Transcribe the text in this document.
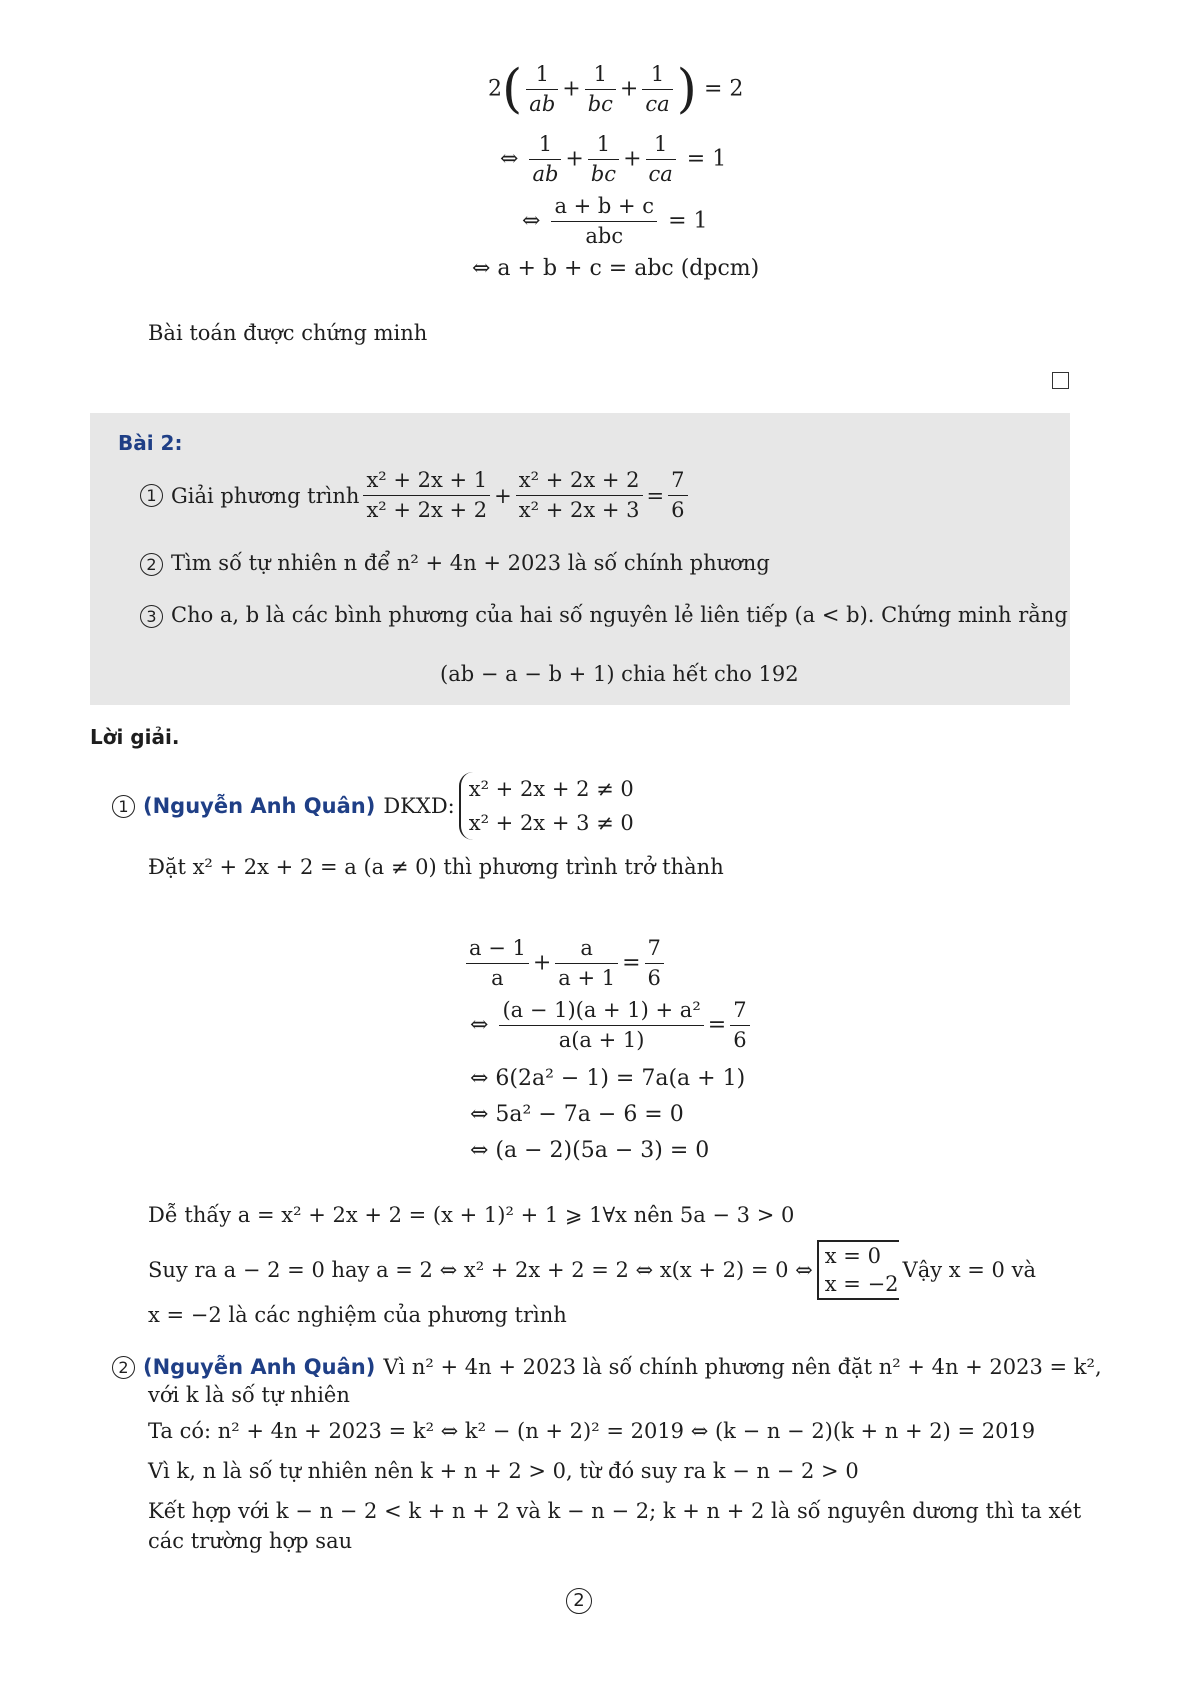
$2( \frac{1}{ab} + \frac{1}{bc} + \frac{1}{ca}$ ) = 2
⇔ $\frac{1}{ab} + \frac{1}{bc} + \frac{1}{ca} = 1$
⇔ $\frac{a + b + c}{\text{abc}} = 1$
⇔ a + b + c = abc (dpcm)
Bài toán được chứng minh
Bài 2:
1 Giải phương trình $\frac{\text{x² + 2x + 1}}{\text{x² + 2x + 2}} + \frac{\text{x² + 2x + 2}}{\text{x² + 2x + 3}} = \frac{7}{6}$
2 Tìm số tự nhiên n để n² + 4n + 2023 là số chính phương
3 Cho a, b là các bình phương của hai số nguyên lẻ liên tiếp (a < b). Chứng minh rằng
(ab − a − b + 1) chia hết cho 192
Lời giải.
1 (Nguyễn Anh Quân) DKXD:
x² + 2x + 2 ≠ 0
x² + 2x + 3 ≠ 0
Đặt x² + 2x + 2 = a (a ≠ 0) thì phương trình trở thành
$\frac{a - 1}{a} + \frac{a}{a + 1} = \frac{7}{6}$
⇔ $\frac{\text{(a − 1)(a + 1) + a²}}{a(a + 1)} = \frac{7}{6}$
⇔ 6(2a² − 1) = 7a(a + 1)
⇔ 5a² − 7a − 6 = 0
⇔ (a − 2)(5a − 3) = 0
Dễ thấy a = x² + 2x + 2 = (x + 1)² + 1 ⩾ 1∀x nên 5a − 3 > 0
Suy ra a − 2 = 0 hay a = 2 ⇔ x² + 2x + 2 = 2 ⇔ x(x + 2) = 0 ⇔
x = 0
x = −2
Vậy x = 0 và
x = −2 là các nghiệm của phương trình
2 (Nguyễn Anh Quân) Vì n² + 4n + 2023 là số chính phương nên đặt n² + 4n + 2023 = k²,
với k là số tự nhiên
Ta có: n² + 4n + 2023 = k² ⇔ k² − (n + 2)² = 2019 ⇔ (k − n − 2)(k + n + 2) = 2019
Vì k, n là số tự nhiên nên k + n + 2 > 0, từ đó suy ra k − n − 2 > 0
Kết hợp với k − n − 2 < k + n + 2 và k − n − 2; k + n + 2 là số nguyên dương thì ta xét
các trường hợp sau
2
